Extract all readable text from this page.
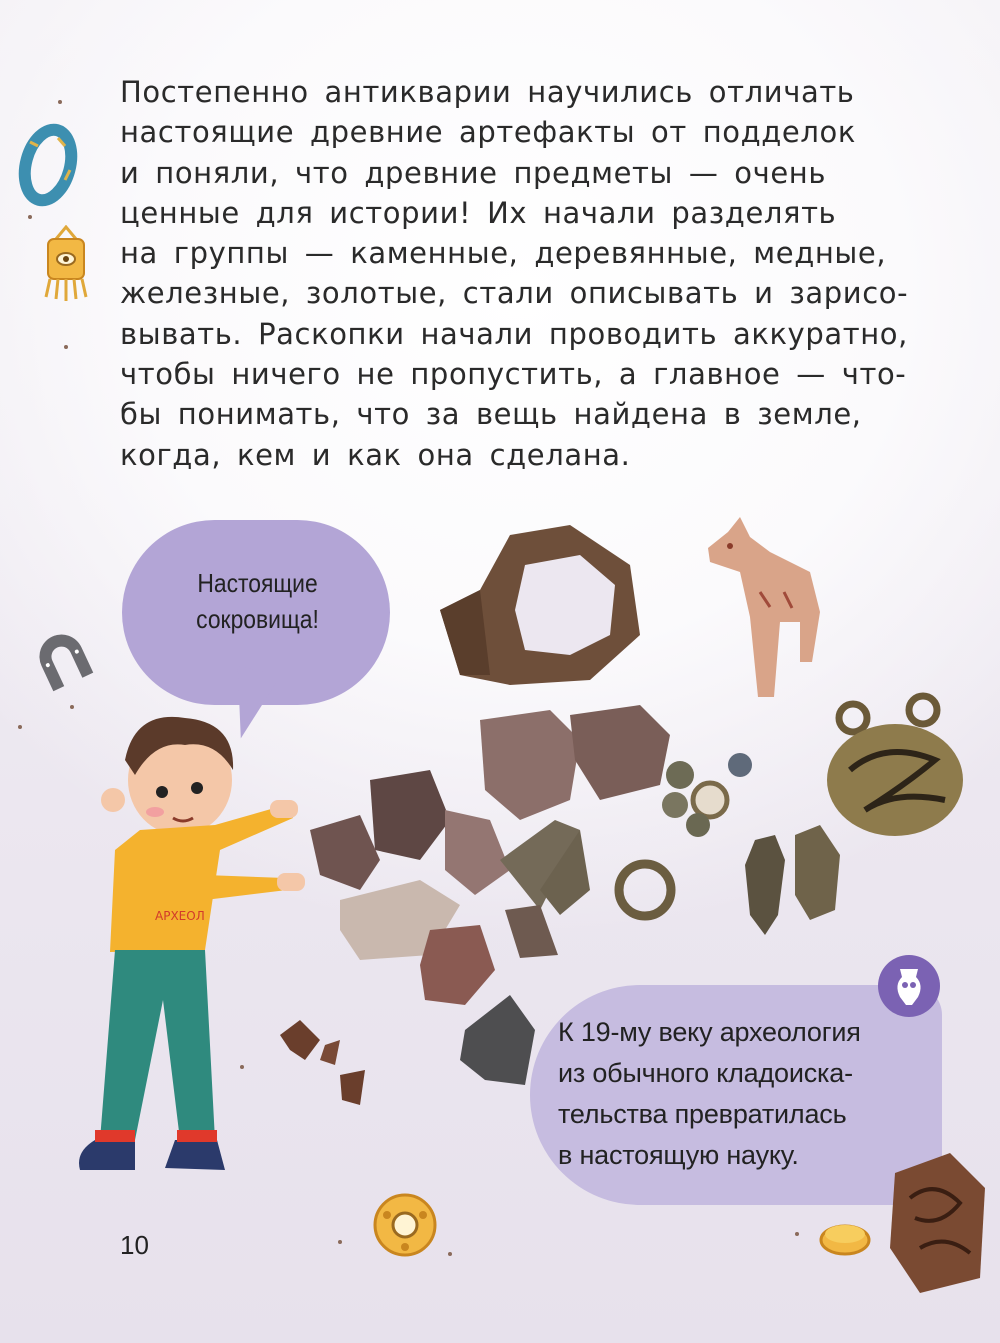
Постепенно антикварии научились отличать
настоящие древние артефакты от подделок
и поняли, что древние предметы — очень
ценные для истории! Их начали разделять
на группы — каменные, деревянные, медные,
железные, золотые, стали описывать и зарисо-
вывать. Раскопки начали проводить аккуратно,
чтобы ничего не пропустить, а главное — что-
бы понимать, что за вещь найдена в земле,
когда, кем и как она сделана.
Настоящие
сокровища!
АРХЕОЛ
К 19-му веку археология
из обычного кладоиска-
тельства превратилась
в настоящую науку.
10
